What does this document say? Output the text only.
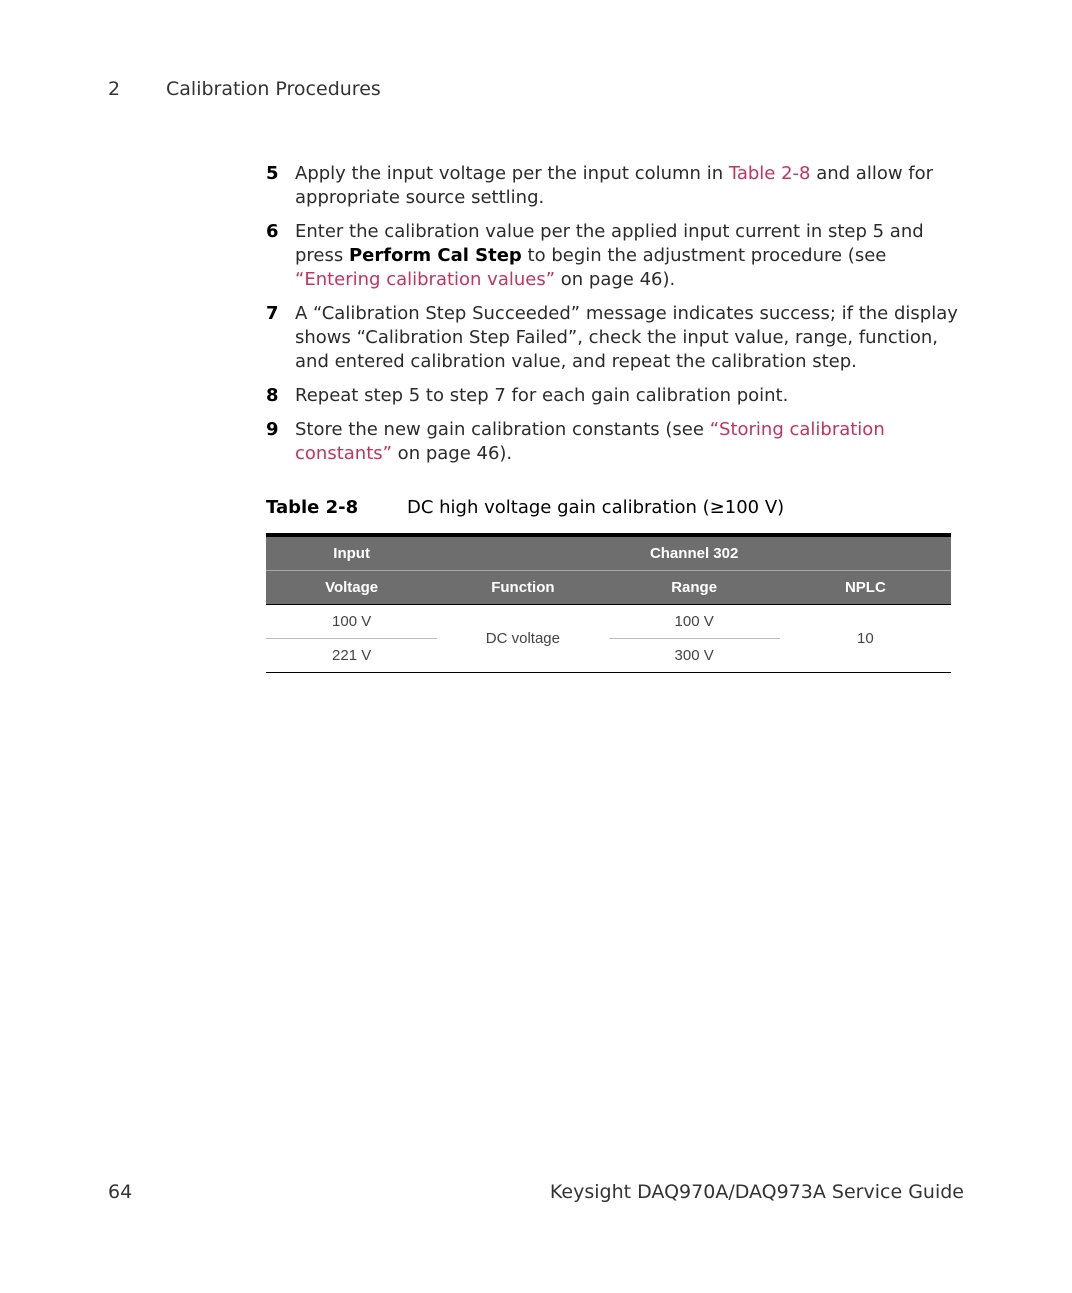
2 Calibration Procedures
5 Apply the input voltage per the input column in Table 2-8 and allow for appropriate source settling.
6 Enter the calibration value per the applied input current in step 5 and press Perform Cal Step to begin the adjustment procedure (see “Entering calibration values” on page 46).
7 A “Calibration Step Succeeded” message indicates success; if the display shows “Calibration Step Failed”, check the input value, range, function, and entered calibration value, and repeat the calibration step.
8 Repeat step 5 to step 7 for each gain calibration point.
9 Store the new gain calibration constants (see “Storing calibration constants” on page 46).
Table 2-8	DC high voltage gain calibration (≥100 V)
Input	Channel 302		
Voltage	Function	Range	NPLC
100 V	DC voltage	100 V	10
221 V		300 V	
64	Keysight DAQ970A/DAQ973A Service Guide
